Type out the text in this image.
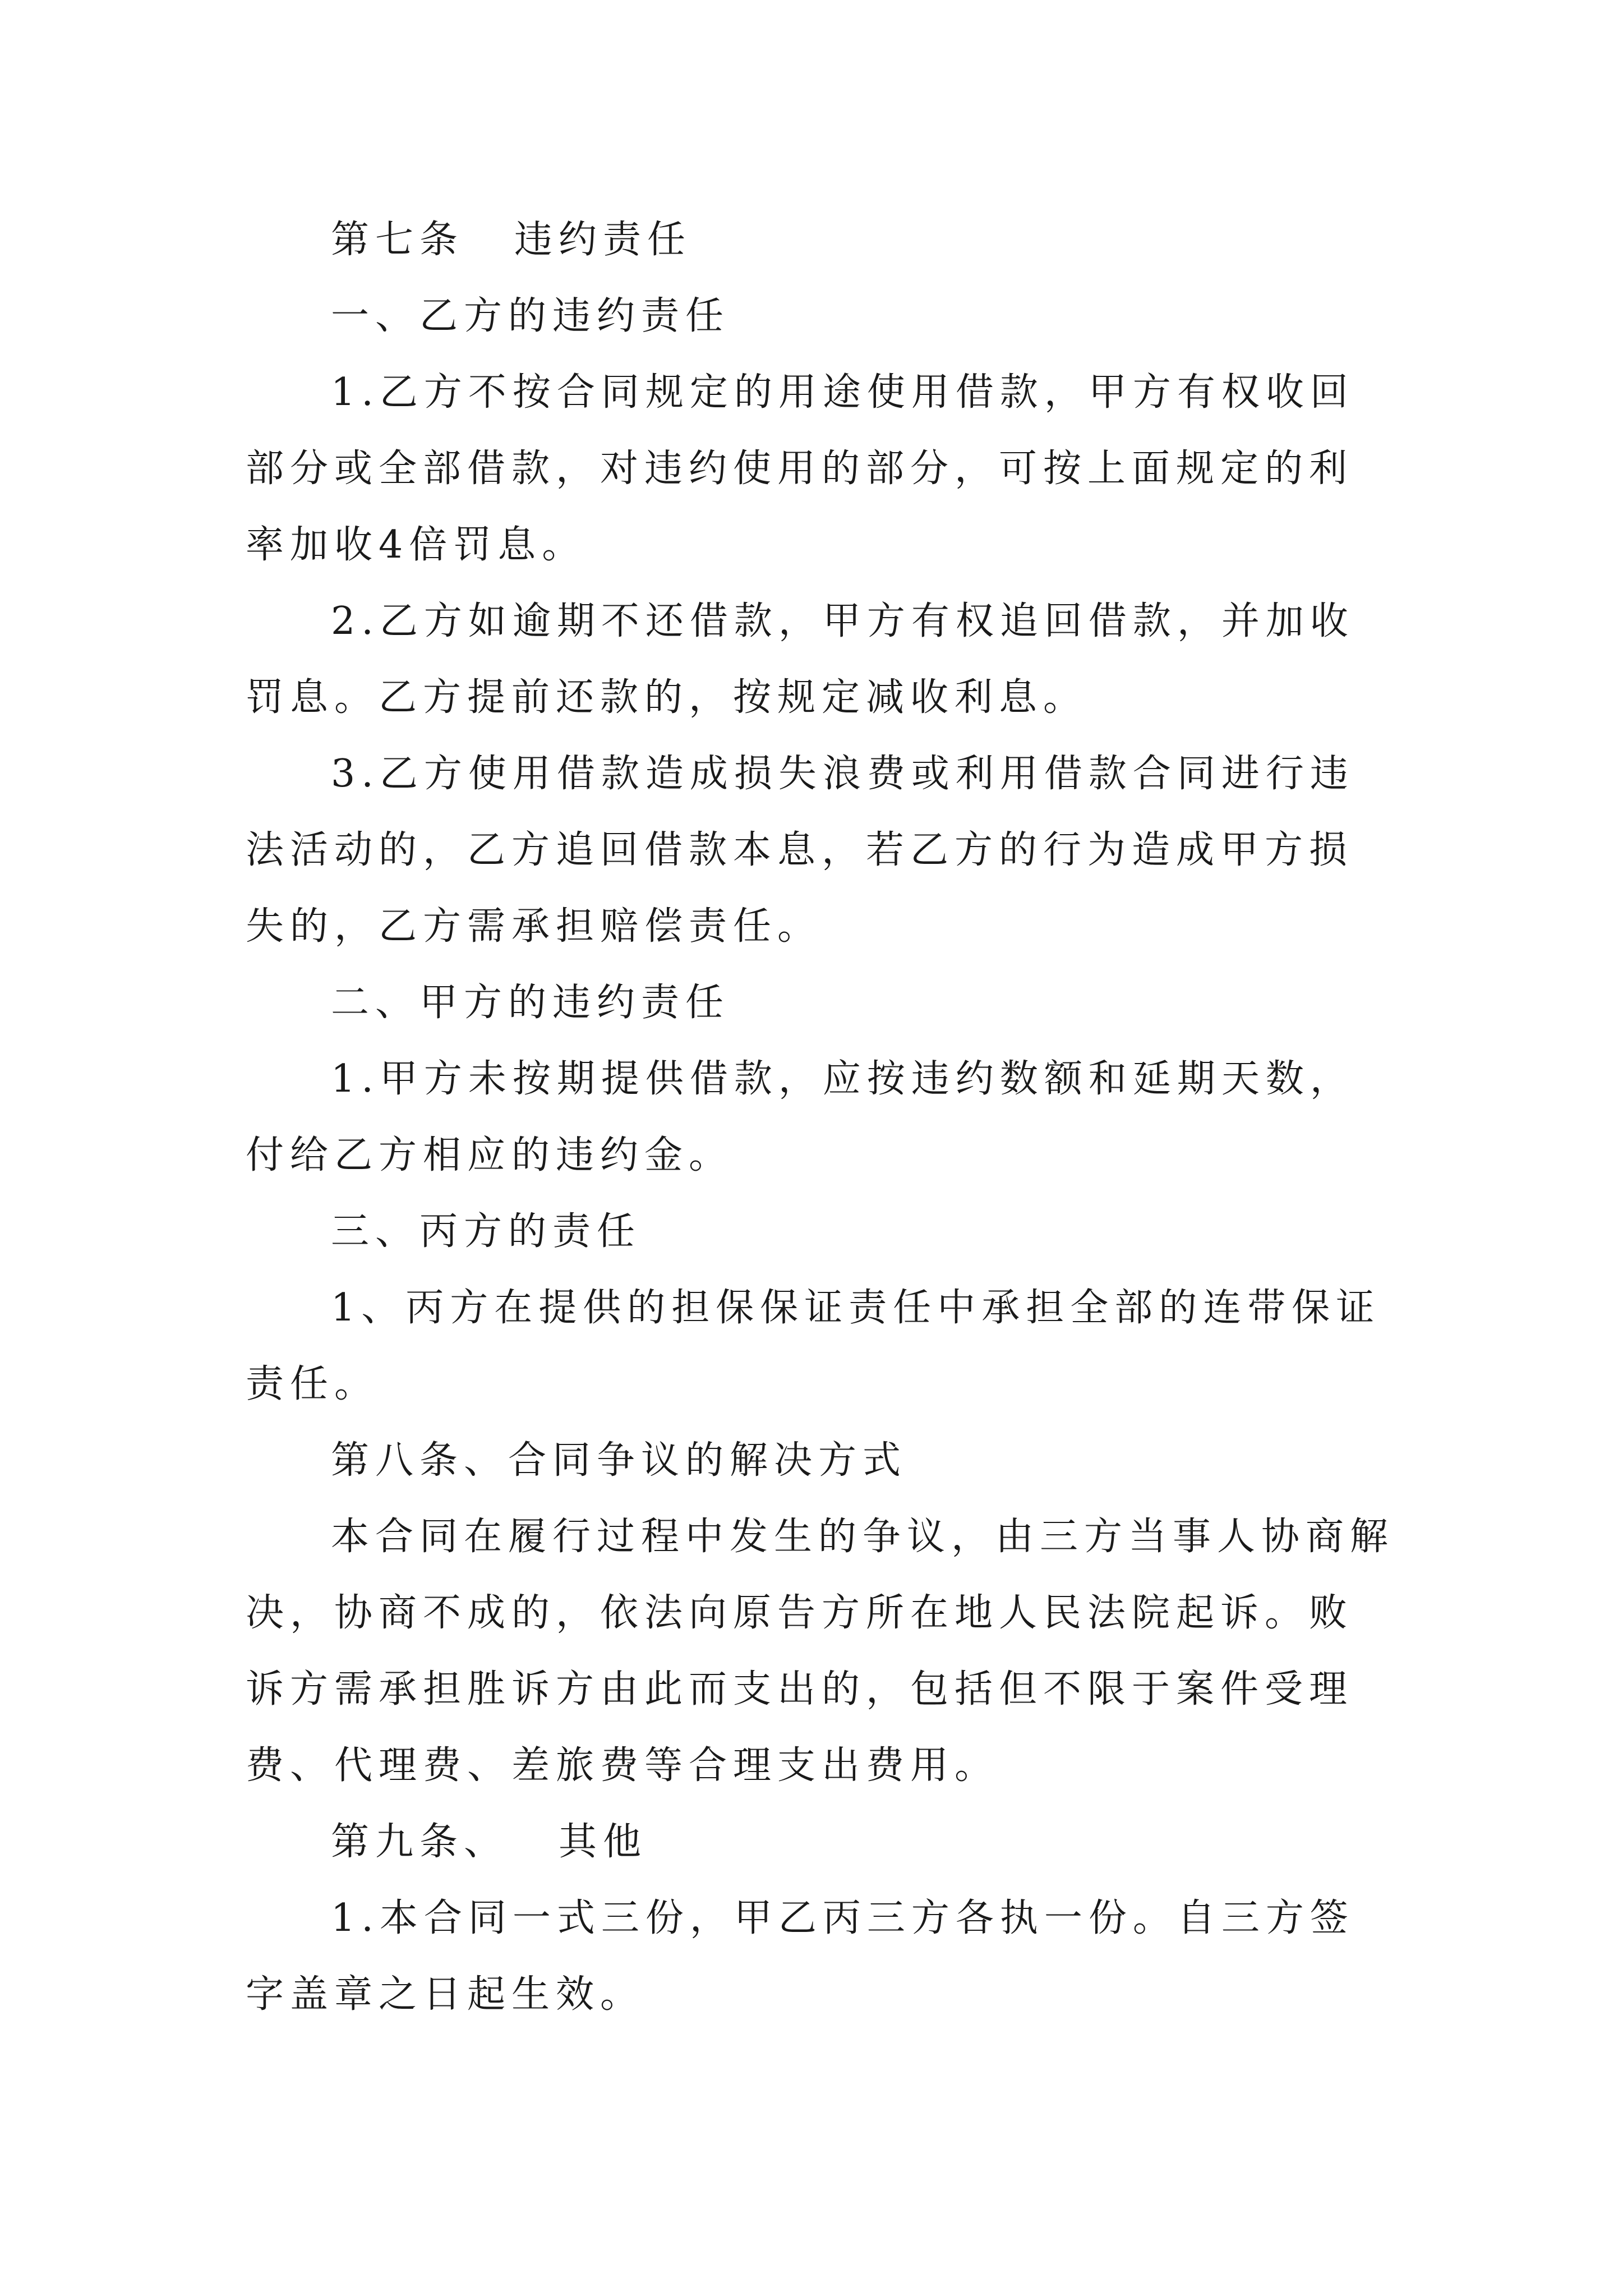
第七条 违约责任

一、乙方的违约责任

1.乙方不按合同规定的用途使用借款，甲方有权收回部分或全部借款，对违约使用的部分，可按上面规定的利率加收4倍罚息。

2.乙方如逾期不还借款，甲方有权追回借款，并加收罚息。乙方提前还款的，按规定减收利息。

3.乙方使用借款造成损失浪费或利用借款合同进行违法活动的，乙方追回借款本息，若乙方的行为造成甲方损失的，乙方需承担赔偿责任。

二、甲方的违约责任

1.甲方未按期提供借款，应按违约数额和延期天数，付给乙方相应的违约金。

三、丙方的责任

1、丙方在提供的担保保证责任中承担全部的连带保证责任。

第八条、合同争议的解决方式

本合同在履行过程中发生的争议，由三方当事人协商解决，协商不成的，依法向原告方所在地人民法院起诉。败诉方需承担胜诉方由此而支出的，包括但不限于案件受理费、代理费、差旅费等合理支出费用。

第九条、 其他

1.本合同一式三份，甲乙丙三方各执一份。自三方签字盖章之日起生效。
